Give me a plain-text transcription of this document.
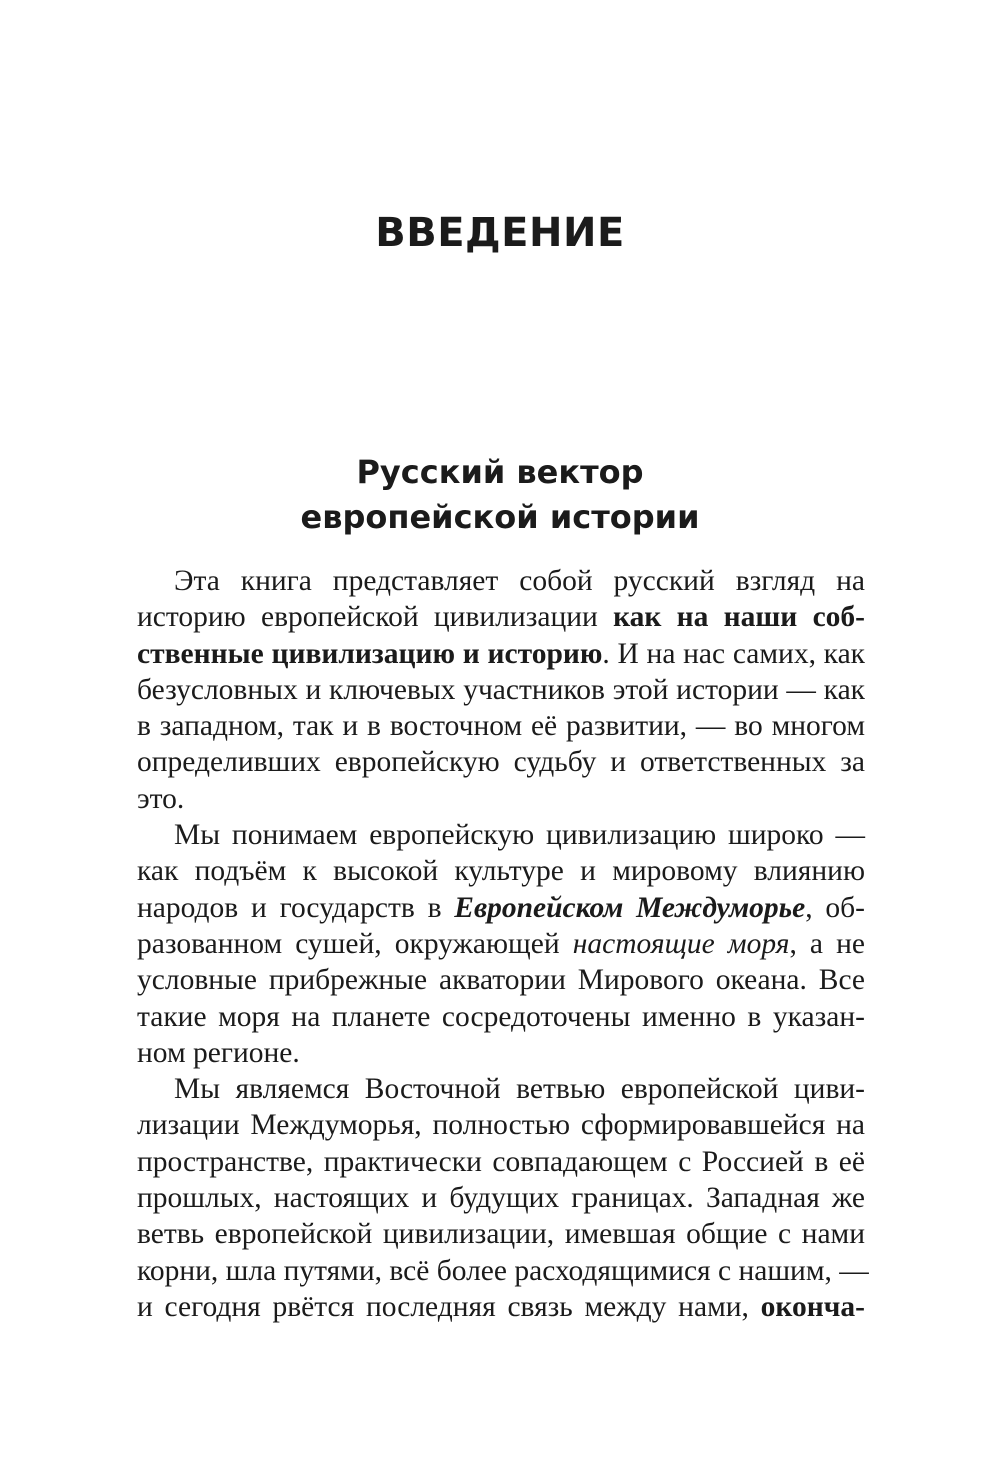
ВВЕДЕНИЕ
Русский вектор
европейской истории
Эта книга представляет собой русский взгляд на
историю европейской цивилизации как на наши соб-
ственные цивилизацию и историю. И на нас самих, как
безусловных и ключевых участников этой истории — как
в западном, так и в восточном её развитии, — во многом
определивших европейскую судьбу и ответственных за
это.
Мы понимаем европейскую цивилизацию широко —
как подъём к высокой культуре и мировому влиянию
народов и государств в Европейском Междуморье, об-
разованном сушей, окружающей настоящие моря, а не
условные прибрежные акватории Мирового океана. Все
такие моря на планете сосредоточены именно в указан-
ном регионе.
Мы являемся Восточной ветвью европейской циви-
лизации Междуморья, полностью сформировавшейся на
пространстве, практически совпадающем с Россией в её
прошлых, настоящих и будущих границах. Западная же
ветвь европейской цивилизации, имевшая общие с нами
корни, шла путями, всё более расходящимися с нашим, —
и сегодня рвётся последняя связь между нами, оконча-
